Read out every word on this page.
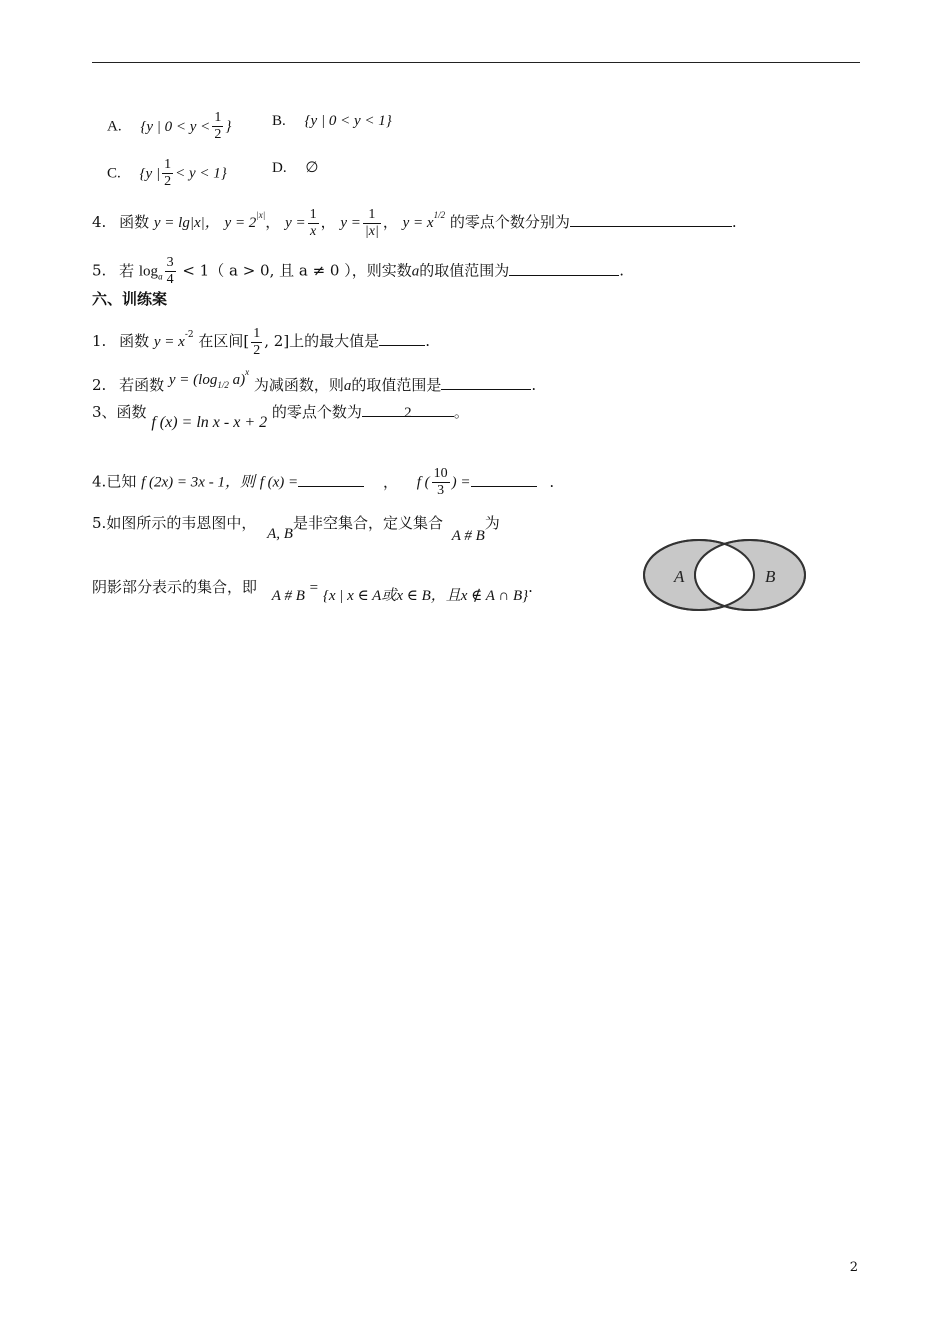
A. {y | $0 < y < \frac{1}{2}$ }	B. {y | 0 < y < 1}
C. {y | $\frac{1}{2} < y < 1$}	D. ∅
4. 函数 y = lg|x|， $y = 2^{|x|}$， $y = \frac{1}{x}$ ， $y = \frac{1}{|x|}$ ， $y = x^{1/2}$ 的零点个数分别为	.
5. 若 $\log_a \frac{3}{4} < 1$（ a > 0, 且 a ≠ 0 ），则实数a的取值范围为	.
六、训练案
1. 函数 $y = x^{-2}$ 在区间[ $\frac{1}{2}$ , 2]上的最大值是	.
2. 若函数 $y = (\log_{1/2}$ a)$^x$ 为减函数，则a的取值范围是	.
3、函数 f (x) = ln x - x + 2 的零点个数为	2	。
4.已知 f (2x) = 3x - 1，则 f (x) =	， f ( $\frac{10}{3}$ ) =	.
5.如图所示的韦恩图中， A, B是非空集合，定义集合 A # B为
阴影部分表示的集合，即 A # B = {x | x ∈ A或x ∈ B，且x ∉ A ∩ B}.
A	B
2
